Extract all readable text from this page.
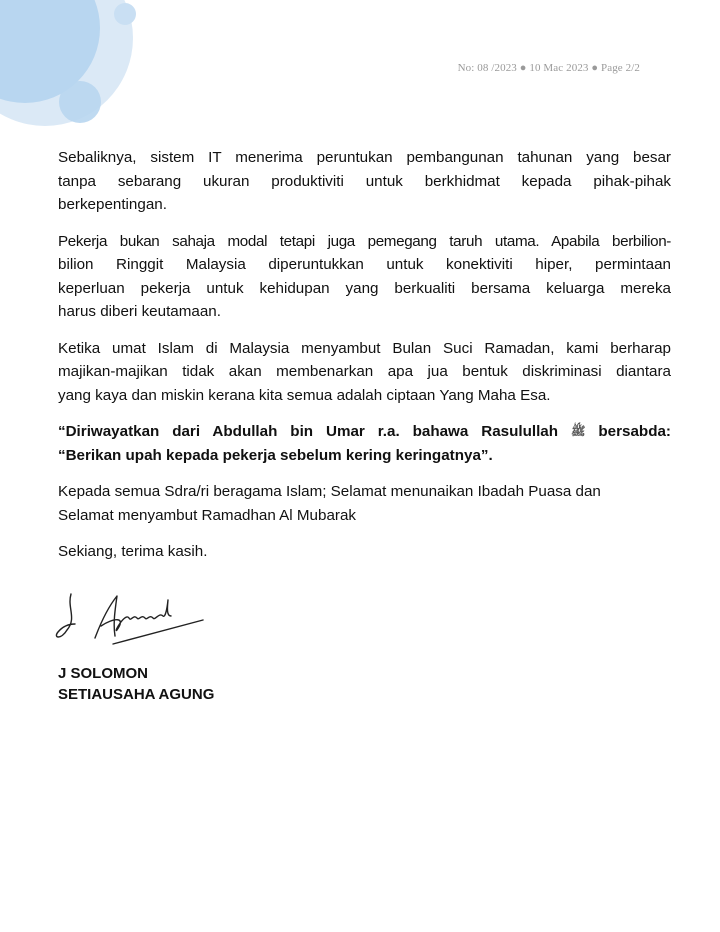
No: 08 /2023 ● 10 Mac 2023 ● Page 2/2

Sebaliknya, sistem IT menerima peruntukan pembangunan tahunan yang besar
tanpa sebarang ukuran produktiviti untuk berkhidmat kepada pihak-pihak
berkepentingan.

Pekerja bukan sahaja modal tetapi juga pemegang taruh utama. Apabila berbilion-
bilion Ringgit Malaysia diperuntukkan untuk konektiviti hiper, permintaan
keperluan pekerja untuk kehidupan yang berkualiti bersama keluarga mereka
harus diberi keutamaan.

Ketika umat Islam di Malaysia menyambut Bulan Suci Ramadan, kami berharap
majikan-majikan tidak akan membenarkan apa jua bentuk diskriminasi diantara
yang kaya dan miskin kerana kita semua adalah ciptaan Yang Maha Esa.

“Diriwayatkan dari Abdullah bin Umar r.a. bahawa Rasulullah ﷺ bersabda:
“Berikan upah kepada pekerja sebelum kering keringatnya”.

Kepada semua Sdra/ri beragama Islam; Selamat menunaikan Ibadah Puasa dan
Selamat menyambut Ramadhan Al Mubarak

Sekiang, terima kasih.

J SOLOMON
SETIAUSAHA AGUNG
